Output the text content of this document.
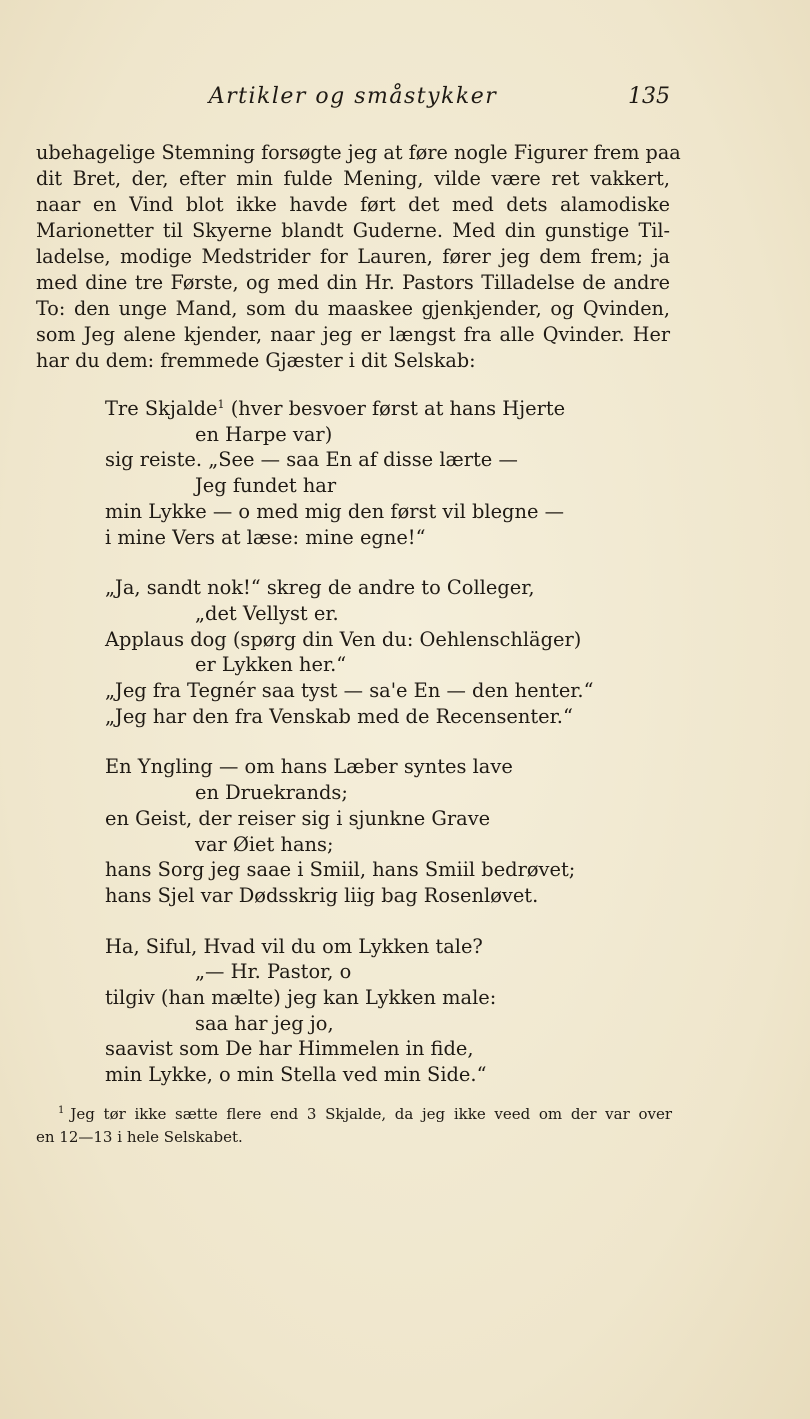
Artikler og småstykker	135
ubehagelige Stemning forsøgte jeg at føre nogle Figurer frem paa
dit Bret, der, efter min fulde Mening, vilde være ret vakkert,
naar en Vind blot ikke havde ført det med dets alamodiske
Marionetter til Skyerne blandt Guderne. Med din gunstige Til-
ladelse, modige Medstrider for Lauren, fører jeg dem frem; ja
med dine tre Første, og med din Hr. Pastors Tilladelse de andre
To: den unge Mand, som du maaskee gjenkjender, og Qvinden,
som Jeg alene kjender, naar jeg er længst fra alle Qvinder. Her
har du dem: fremmede Gjæster i dit Selskab:
Tre Skjalde$^1$ (hver besvoer først at hans Hjerte
en Harpe var)
sig reiste. „See — saa En af disse lærte —
Jeg fundet har
min Lykke — o med mig den først vil blegne —
i mine Vers at læse: mine egne!“
„Ja, sandt nok!“ skreg de andre to Colleger,
„det Vellyst er.
Applaus dog (spørg din Ven du: Oehlenschläger)
er Lykken her.“
„Jeg fra Tegnér saa tyst — sa'e En — den henter.“
„Jeg har den fra Venskab med de Recensenter.“
En Yngling — om hans Læber syntes lave
en Druekrands;
en Geist, der reiser sig i sjunkne Grave
var Øiet hans;
hans Sorg jeg saae i Smiil, hans Smiil bedrøvet;
hans Sjel var Dødsskrig liig bag Rosenløvet.
Ha, Siful, Hvad vil du om Lykken tale?
„— Hr. Pastor, o
tilgiv (han mælte) jeg kan Lykken male:
saa har jeg jo,
saavist som De har Himmelen in fide,
min Lykke, o min Stella ved min Side.“
$^1$ Jeg tør ikke sætte flere end 3 Skjalde, da jeg ikke veed om der var over
en 12—13 i hele Selskabet.
